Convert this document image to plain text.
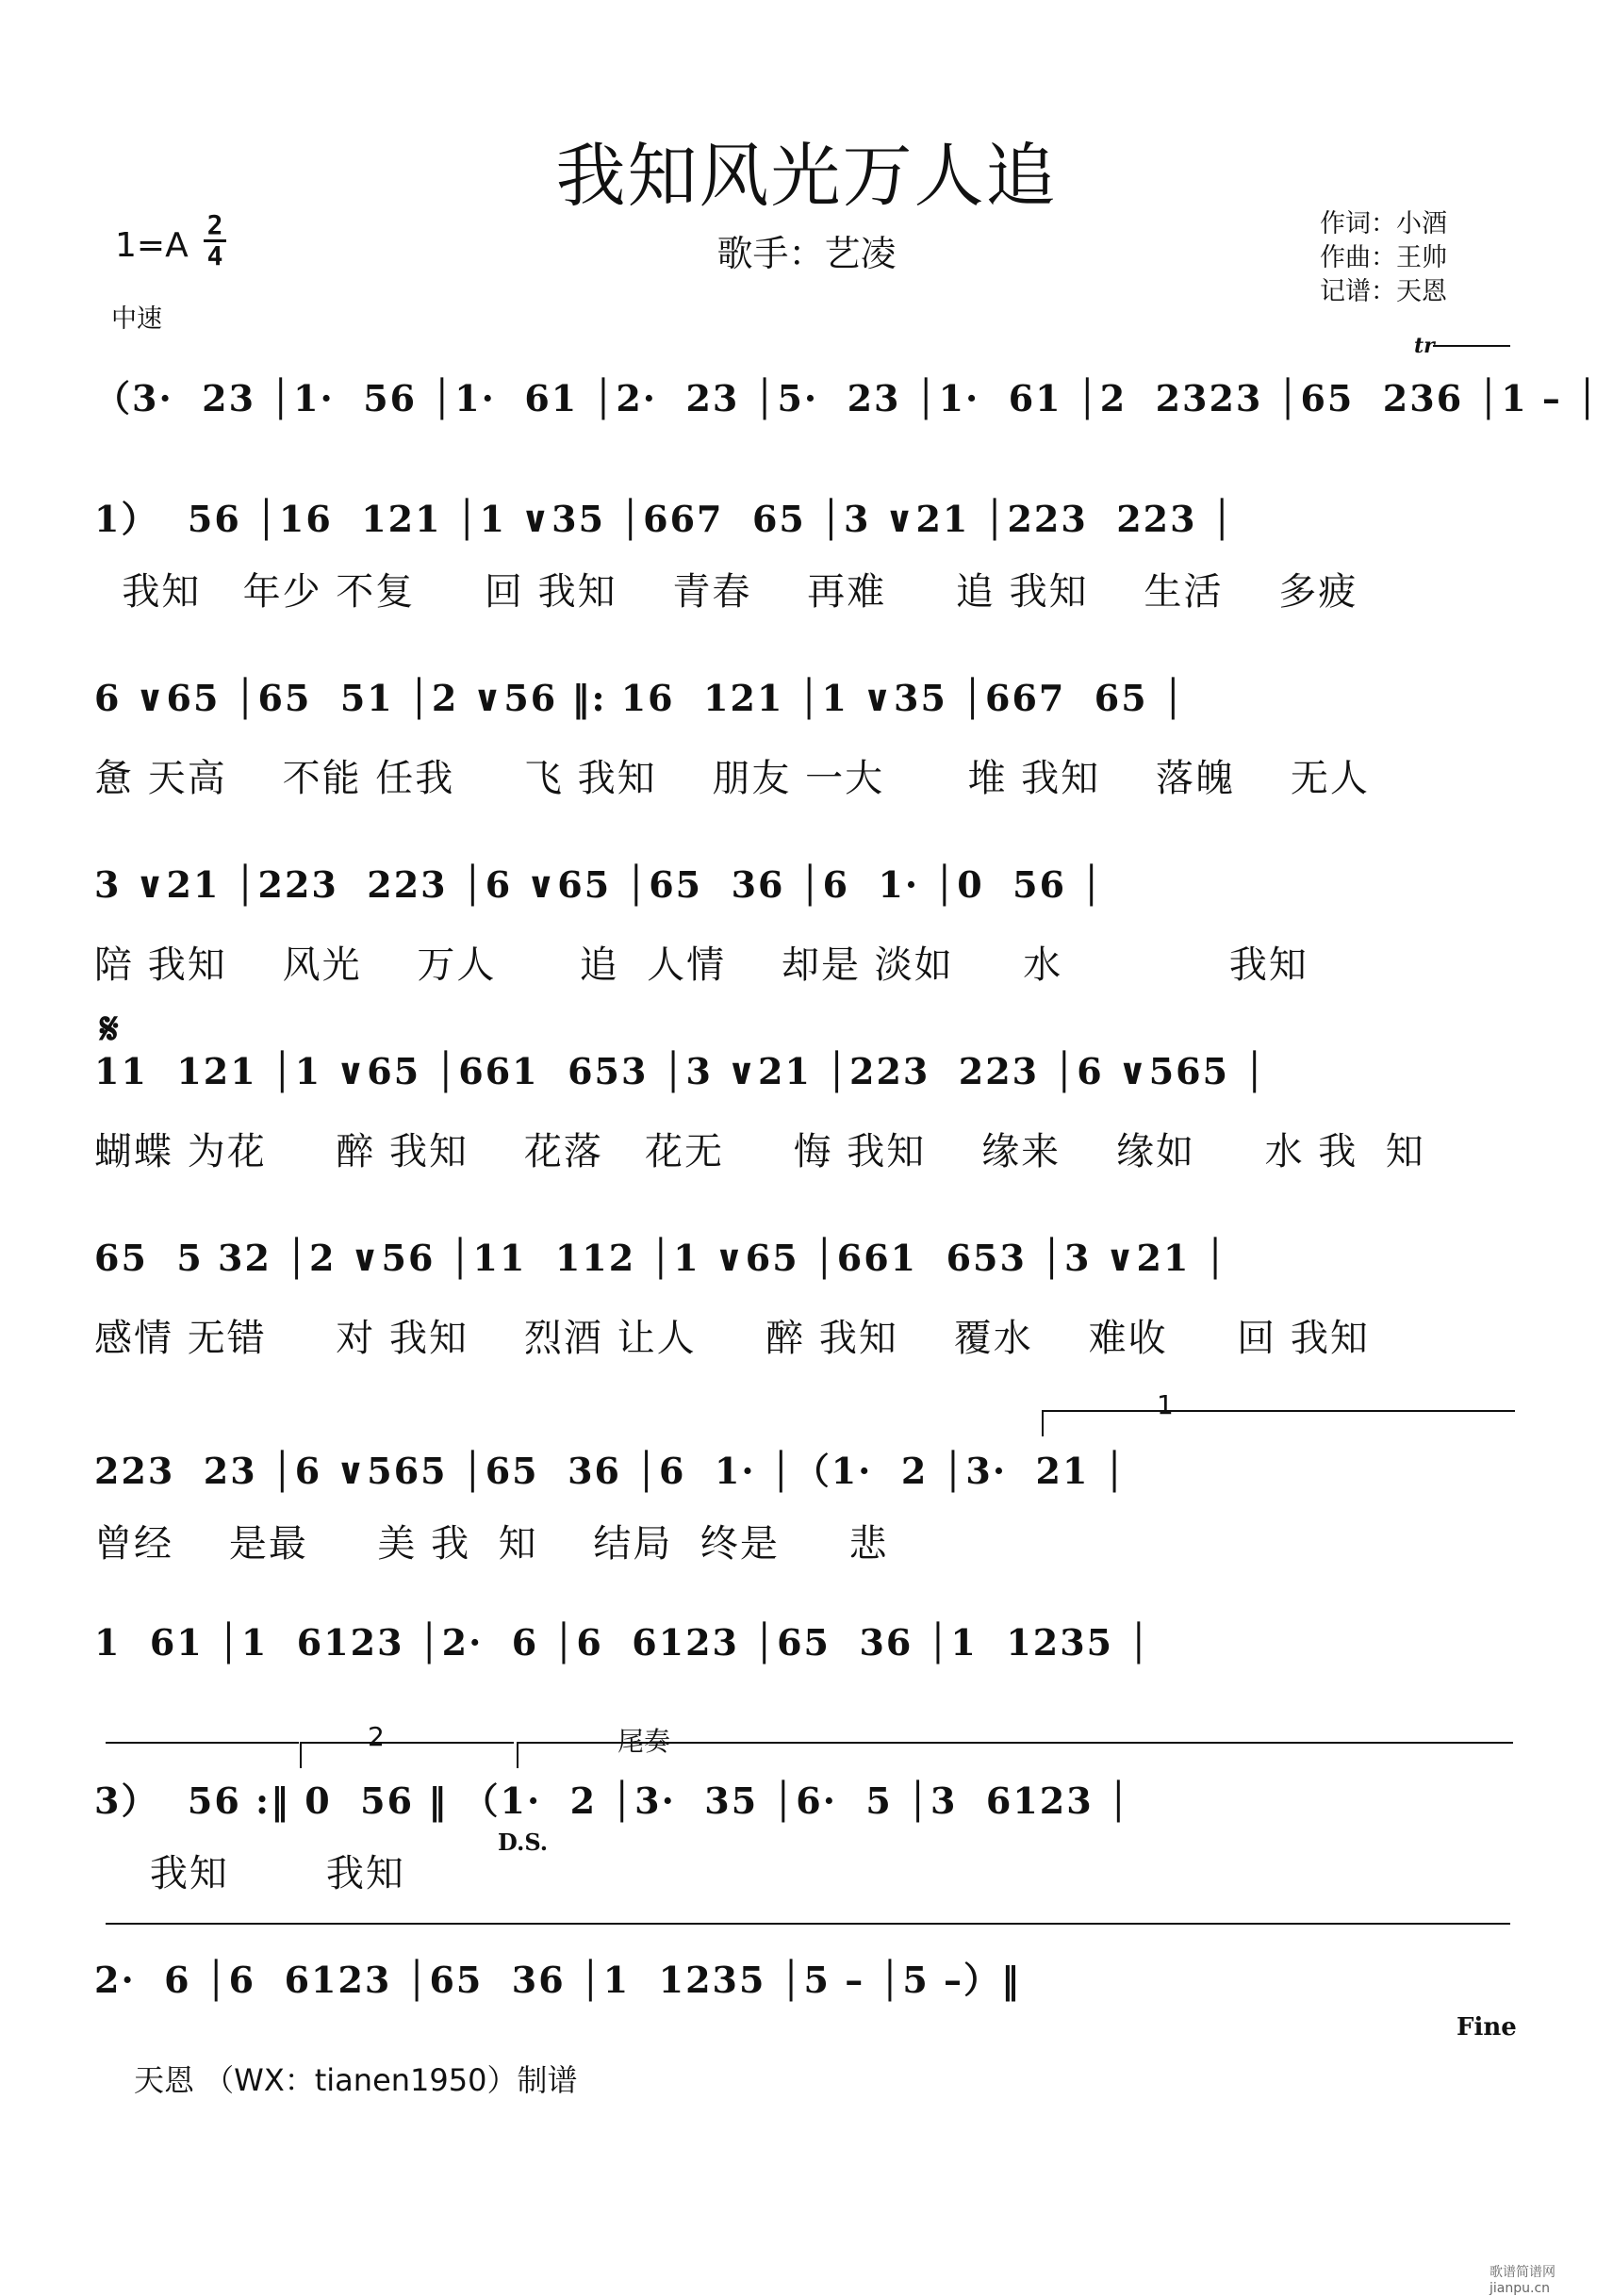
我知风光万人追
歌手：艺凌
作词：小酒
作曲：王帅
记谱：天恩
1=A
2
4
中速
（3·  23 │1·  56 │1·  61 │2·  23 │5·  23 │1·  61 │2  2323 │65  236 │1 – │
1）  56 │16  121 │1 ∨35 │667  65 │3 ∨21 │223  223 │
我知   年少 不复     回 我知    青春    再难     追 我知    生活    多疲
6 ∨65 │65  51 │2 ∨56 ‖: 16  121 │1 ∨35 │667  65 │
惫 天高    不能 任我     飞 我知    朋友 一大      堆 我知    落魄    无人
3 ∨21 │223  223 │6 ∨65 │65  36 │6  1· │0  56 │
陪 我知    风光    万人      追  人情    却是 淡如     水            我知
11  121 │1 ∨65 │661  653 │3 ∨21 │223  223 │6 ∨565 │
蝴蝶 为花     醉 我知    花落   花无     悔 我知    缘来    缘如     水 我  知
65  5 32 │2 ∨56 │11  112 │1 ∨65 │661  653 │3 ∨21 │
感情 无错     对 我知    烈酒 让人     醉 我知    覆水    难收     回 我知
223  23 │6 ∨565 │65  36 │6  1· │（1·  2 │3·  21 │
曾经    是最     美 我  知    结局  终是     悲
1  61 │1  6123 │2·  6 │6  6123 │65  36 │1  1235 │
3）  56 :‖ 0  56 ‖ （1·  2 │3·  35 │6·  5 │3  6123 │
我知       我知
2·  6 │6  6123 │65  36 │1  1235 │5 – │5 –）‖
tr
𝄋
1
2	尾奏
D.S.
Fine
天恩 （WX：tianen1950）制谱
歌谱简谱网 jianpu.cn
